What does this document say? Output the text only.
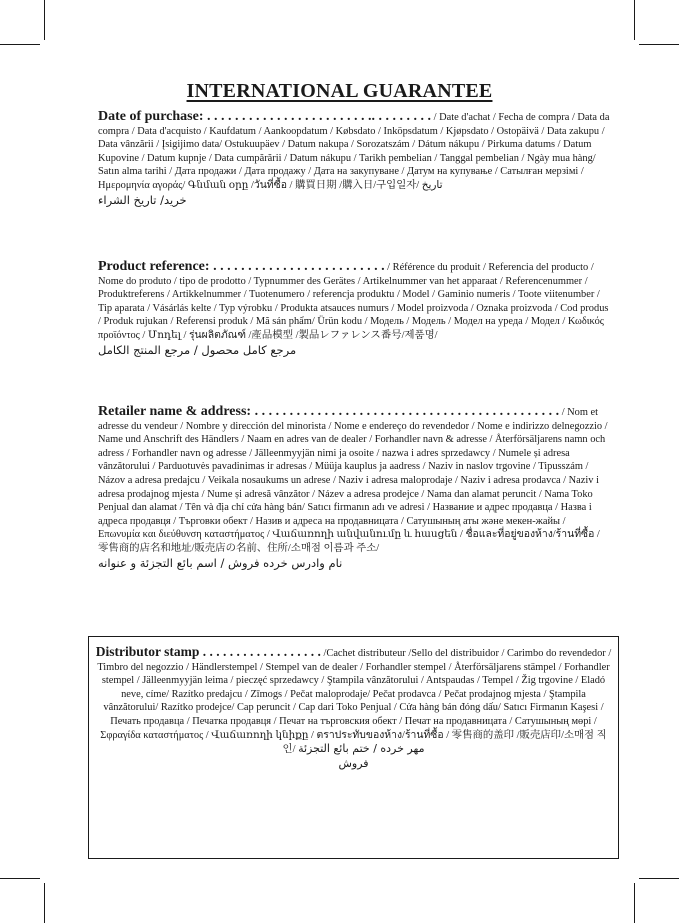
INTERNATIONAL GUARANTEE
Date of purchase: . . . . . . . . . . . . . . . . . . . . . . . .. . . . . . . . . / Date d'achat / Fecha de compra / Data da compra / Data d'acquisto / Kaufdatum / Aankoopdatum / Købsdato / Inköpsdatum / Kjøpsdato / Ostopäivä / Data zakupu / Data vânzării / Įsigijimo data/ Ostukuupäev / Datum nakupa / Sorozatszám / Dátum nákupu / Pirkuma datums / Datum Kupovine / Datum kupnje / Data cumpărării / Datum nákupu / Tarikh pembelian / Tanggal pembelian / Ngày mua hàng/ Satın alma tarihi / Дата продажи / Дата продажу / Дата на закупуване / Датум на купување / Сатылған мерзімі / Ημερομηνία αγοράς/ Գնման օրը /วันที่ซื้อ / 購買日期 /購入日/구입일자/ تاريخ
خرید/ تاریخ الشراء
Product reference: . . . . . . . . . . . . . . . . . . . . . . . . . / Référence du produit / Referencia del producto / Nome do produto / tipo de prodotto / Typnummer des Gerätes / Artikelnummer van het apparaat / Referencenummer / Produktreferens / Artikkelnummer / Tuotenumero / referencja produktu / Model / Gaminio numeris / Toote viitenumber / Tip aparata / Vásárlás kelte / Typ výrobku / Produkta atsauces numurs / Model proizvoda / Oznaka proizvoda / Cod produs / Produk rujukan / Referensi produk / Mã sản phẩm/ Ürün kodu / Модель / Модель / Модел на уреда / Модел / Κωδικός προϊόντος / Մոդել / รุ่นผลิตภัณฑ์ /產品模型 /製品レファレンス番号/제품명/
مرجع كامل محصول / مرجع المنتج الكامل
Retailer name & address: . . . . . . . . . . . . . . . . . . . . . . . . . . . . . . . . . . . . . . . . . . . . / Nom et adresse du vendeur / Nombre y dirección del minorista / Nome e endereço do revendedor / Nome e indirizzo delnegozzio / Name und Anschrift des Händlers / Naam en adres van de dealer / Forhandler navn & adresse / Återförsäljarens namn och adress / Forhandler navn og adresse / Jälleenmyyjän nimi ja osoite / nazwa i adres sprzedawcy / Numele și adresa vânzătorului / Parduotuvės pavadinimas ir adresas / Müüja kauplus ja aadress / Naziv in naslov trgovine / Tipusszám / Názov a adresa predajcu / Veikala nosaukums un adrese / Naziv i adresa maloprodaje / Naziv i adresa prodavca / Naziv i adresa prodajnog mjesta / Nume și adresă vânzător / Název a adresa prodejce / Nama dan alamat peruncit / Nama Toko Penjual dan alamat / Tên và địa chỉ cửa hàng bán/ Satıcı firmanın adı ve adresi / Название и адрес продавца / Назва і адреса продавця / Търговки обект / Назив и адреса на продавницата / Сатушының аты және мекен-жайы / Επωνυμία και διεύθυνση καταστήματος / Վաճառողի անվանումը և հասցեն / ชื่อและที่อยู่ของห้าง/ร้านที่ซื้อ / 零售商的店名和地址/販売店の名前、住所/소매점 이름과 주소/
نام وادرس خرده فروش / اسم بائع التجزئة و عنوانه
Distributor stamp . . . . . . . . . . . . . . . . . . /Cachet distributeur /Sello del distribuidor / Carimbo do revendedor / Timbro del negozzio / Händlerstempel / Stempel van de dealer / Forhandler stempel / Återförsäljarens stämpel / Forhandler stempel / Jälleenmyyjän leima / pieczęć sprzedawcy / Ştampila vânzătorului / Antspaudas / Tempel / Žig trgovine / Eladó neve, címe/ Razítko predajcu / Zīmogs / Pečat maloprodaje/ Pečat prodavca / Pečat prodajnog mjesta / Ştampila vânzătorului/ Razítko prodejce/ Cap peruncit / Cap dari Toko Penjual / Cửa hàng bán đóng dấu/ Satıcı Firmanın Kaşesi / Печать продавца / Печатка продавця / Печат на търговския обект / Печат на продавницата / Сатушының мөрі / Σφραγίδα καταστήματος / Վաճառողի կնիքը / ตราประทับของห้าง/ร้านที่ซื้อ / 零售商的盖印 /販売店印/소매점 직인/ مهر خرده / ختم بائع التجزئة
فروش
